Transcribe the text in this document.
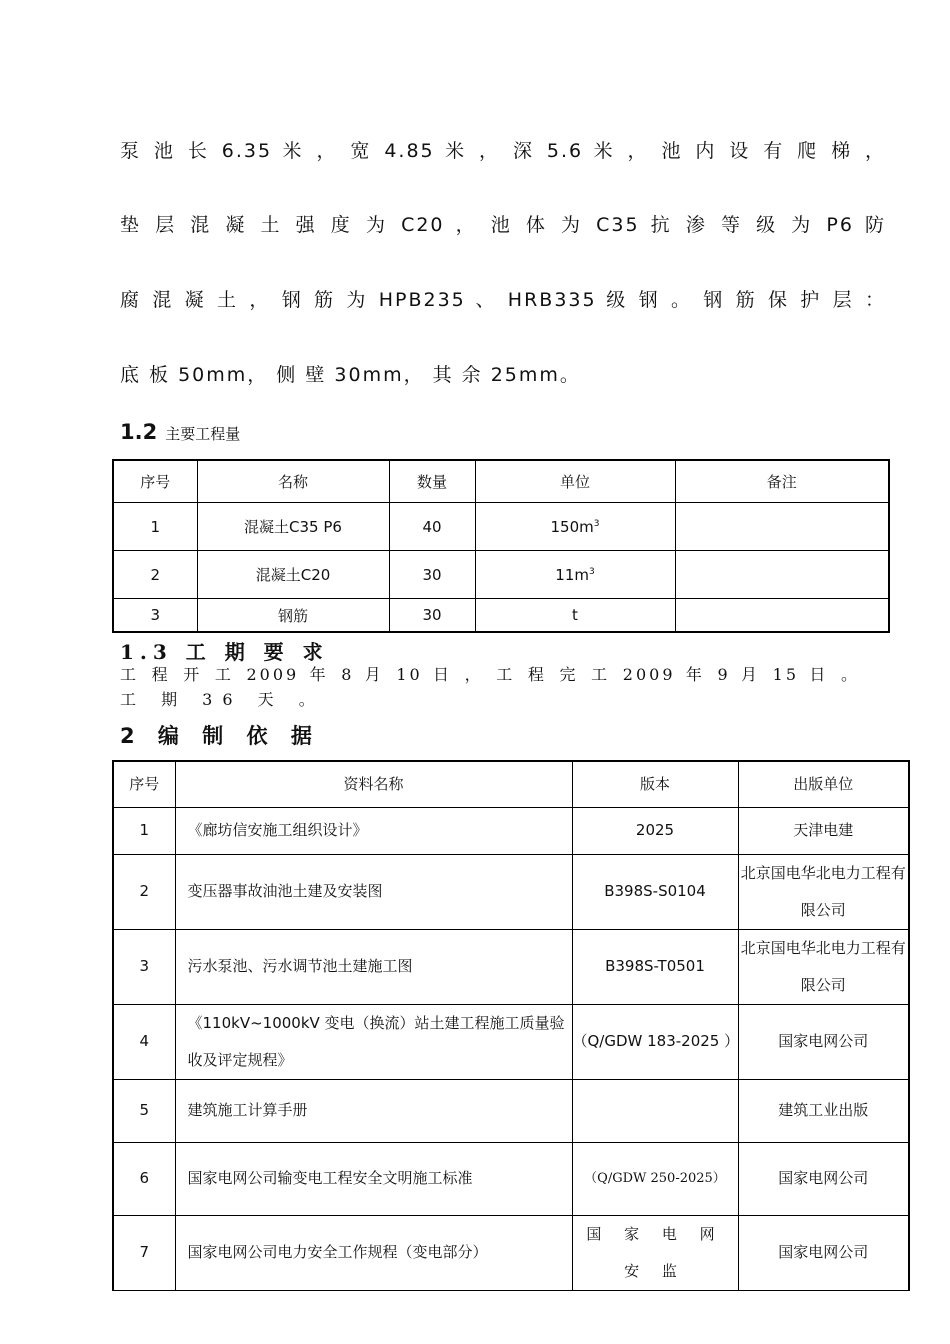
泵 池 长 6.35 米 ， 宽 4.85 米 ， 深 5.6 米 ， 池 内 设 有 爬 梯 ，
垫 层 混 凝 土 强 度 为 C20 ， 池 体 为 C35 抗 渗 等 级 为 P6 防
腐 混 凝 土 ， 钢 筋 为 HPB235 、 HRB335 级 钢 。 钢 筋 保 护 层 ：
底 板 50mm， 侧 壁 30mm， 其 余 25mm。
1.2 主要工程量
序号	名称	数量	单位	备注
1	混凝土C35 P6	40	$150m^3$	
2	混凝土C20	30	$11m^3$	
3	钢筋	30	t	
1.3 工 期 要 求
工 程 开 工 2009 年 8 月 10 日 ， 工 程 完 工 2009 年 9 月 15 日 。
工 期 36 天 。
2 编 制 依 据
序号	资料名称	版本	出版单位
1	《廊坊信安施工组织设计》	2025	天津电建
2	变压器事故油池土建及安装图	B398S-S0104	北京国电华北电力工程有限公司
3	污水泵池、污水调节池土建施工图	B398S-T0501	北京国电华北电力工程有限公司
4	《110kV~1000kV 变电（换流）站土建工程施工质量验收及评定规程》	（Q/GDW 183-2025 ）	国家电网公司
5	建筑施工计算手册		建筑工业出版
6	国家电网公司输变电工程安全文明施工标准	（Q/GDW 250-2025）	国家电网公司
7	国家电网公司电力安全工作规程（变电部分）	国 家 电 网 安 监	国家电网公司
